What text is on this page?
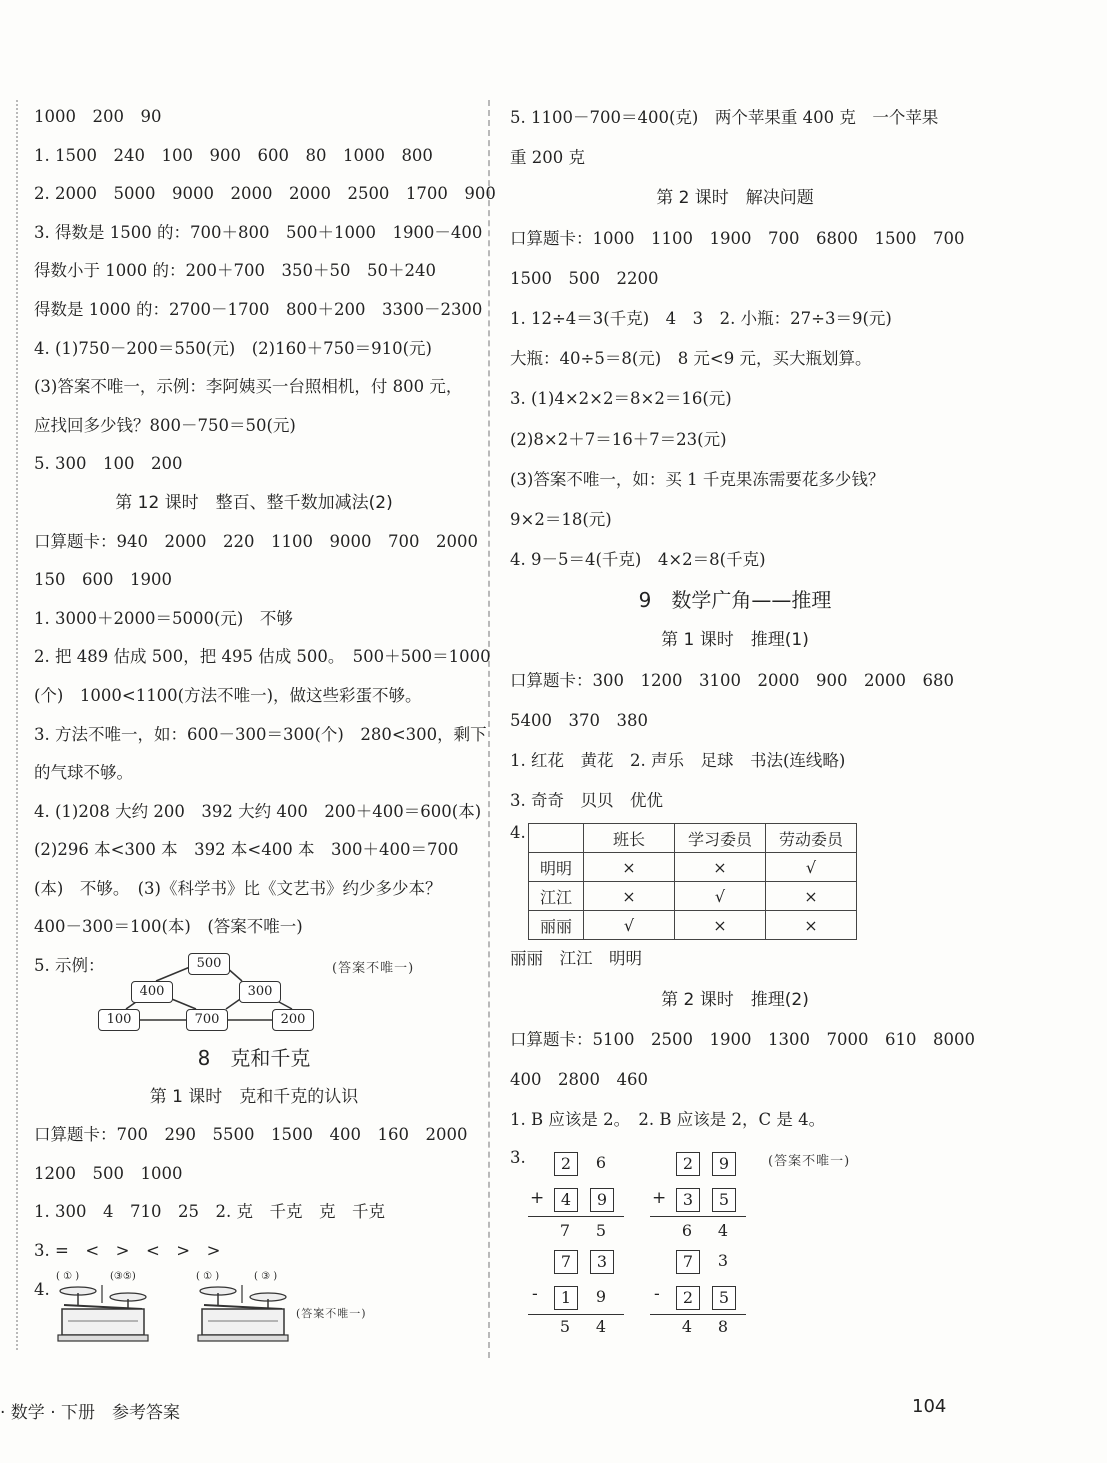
1000　200　90
1. 1500　240　100　900　600　80　1000　800
2. 2000　5000　9000　2000　2000　2500　1700　900
3. 得数是 1500 的：700＋800　500＋1000　1900－400
得数小于 1000 的：200＋700　350＋50　50＋240
得数是 1000 的：2700－1700　800＋200　3300－2300
4. (1)750－200＝550(元)　(2)160＋750＝910(元)
(3)答案不唯一，示例：李阿姨买一台照相机，付 800 元，
应找回多少钱？800－750＝50(元)
5. 300　100　200
第 12 课时　整百、整千数加减法(2)
口算题卡：940　2000　220　1100　9000　700　2000
150　600　1900
1. 3000＋2000＝5000(元)　不够
2. 把 489 估成 500，把 495 估成 500。　500＋500＝1000
(个)　1000<1100(方法不唯一)，做这些彩蛋不够。
3. 方法不唯一，如：600－300＝300(个)　280<300，剩下
的气球不够。
4. (1)208 大约 200　392 大约 400　200＋400＝600(本)
(2)296 本<300 本　392 本<400 本　300＋400＝700
(本)　不够。　(3)《科学书》比《文艺书》约少多少本？
400－300＝100(本)　(答案不唯一)
5. 示例：	(答案不唯一)
500
400	300
100	700	200
8　克和千克
第 1 课时　克和千克的认识
口算题卡：700　290　5500　1500　400　160　2000
1200　500　1000
1. 300　4　710　25　2. 克　千克　克　千克
3. =　<　>　<　>　>
4.
( ① )	(③⑤)	( ① )	( ③ )
(答案不唯一)
5. 1100－700＝400(克)　两个苹果重 400 克　一个苹果
重 200 克
第 2 课时　解决问题
口算题卡：1000　1100　1900　700　6800　1500　700
1500　500　2200
1. 12÷4＝3(千克)　4　3　2. 小瓶：27÷3＝9(元)
大瓶：40÷5＝8(元)　8 元<9 元，买大瓶划算。
3. (1)4×2×2＝8×2＝16(元)
(2)8×2＋7＝16＋7＝23(元)
(3)答案不唯一，如：买 1 千克果冻需要花多少钱？
9×2＝18(元)
4. 9－5＝4(千克)　4×2＝8(千克)
9　数学广角——推理
第 1 课时　推理(1)
口算题卡：300　1200　3100　2000　900　2000　680
5400　370　380
1. 红花　黄花　2. 声乐　足球　书法(连线略)
3. 奇奇　贝贝　优优
4.
		班长	学习委员	劳动委员
明明	×	×	√
江江	×	√	×
丽丽	√	×	×
丽丽　江江　明明
第 2 课时　推理(2)
口算题卡：5100　2500　1900　1300　7000　610　8000
400　2800　460
1. B 应该是 2。　2. B 应该是 2，C 是 4。
3.	(答案不唯一)
2	6
+	4	9
7	5
7	3
-	1	9
5	4
2	9
+	3	5
6	4
7	3
-	2	5
4	8
· 数学 · 下册　参考答案	104
